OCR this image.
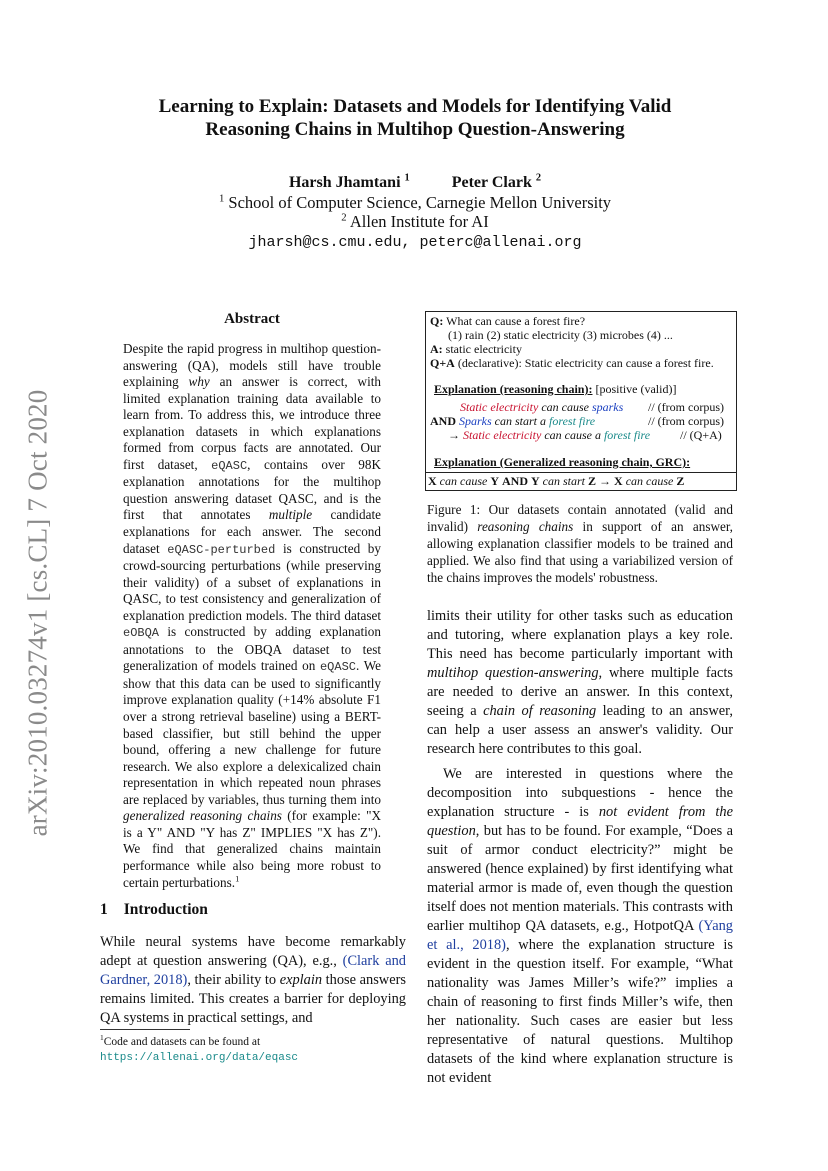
arXiv:2010.03274v1 [cs.CL] 7 Oct 2020
Learning to Explain: Datasets and Models for Identifying Valid
Reasoning Chains in Multihop Question-Answering
Harsh Jhamtani $^1$	Peter Clark $^2$
$^1$ School of Computer Science, Carnegie Mellon University
$^2$ Allen Institute for AI
jharsh@cs.cmu.edu, peterc@allenai.org
Abstract

Despite the rapid progress in multihop question-answering (QA), models still have trouble explaining why an answer is correct, with limited explanation training data available to learn from. To address this, we introduce three explanation datasets in which explanations formed from corpus facts are annotated. Our first dataset, eQASC, contains over 98K explanation annotations for the multihop question answering dataset QASC, and is the first that annotates multiple candidate explanations for each answer. The second dataset eQASC-perturbed is constructed by crowd-sourcing perturbations (while preserving their validity) of a subset of explanations in QASC, to test consistency and generalization of explanation prediction models. The third dataset eOBQA is constructed by adding explanation annotations to the OBQA dataset to test generalization of models trained on eQASC. We show that this data can be used to significantly improve explanation quality (+14% absolute F1 over a strong retrieval baseline) using a BERT-based classifier, but still behind the upper bound, offering a new challenge for future research. We also explore a delexicalized chain representation in which repeated noun phrases are replaced by variables, thus turning them into generalized reasoning chains (for example: "X is a Y" AND "Y has Z" IMPLIES "X has Z"). We find that generalized chains maintain performance while also being more robust to certain perturbations.$^1$

1 Introduction
While neural systems have become remarkably adept at question answering (QA), e.g., (Clark and Gardner, 2018), their ability to explain those answers remains limited. This creates a barrier for deploying QA systems in practical settings, and
$^1$Code and datasets can be found at https://allenai.org/data/eqasc
Q: What can cause a forest fire?
(1) rain (2) static electricity (3) microbes (4) ...
A: static electricity
Q+A (declarative): Static electricity can cause a forest fire.
Explanation (reasoning chain): [positive (valid)]
Static electricity can cause sparks // (from corpus)
AND Sparks can start a forest fire	// (from corpus)
→ Static electricity can cause a forest fire // (Q+A)
Explanation (Generalized reasoning chain, GRC):
X can cause Y AND Y can start Z → X can cause Z
Figure 1: Our datasets contain annotated (valid and invalid) reasoning chains in support of an answer, allowing explanation classifier models to be trained and applied. We also find that using a variabilized version of the chains improves the models' robustness.
limits their utility for other tasks such as education and tutoring, where explanation plays a key role. This need has become particularly important with multihop question-answering, where multiple facts are needed to derive an answer. In this context, seeing a chain of reasoning leading to an answer, can help a user assess an answer's validity. Our research here contributes to this goal.
We are interested in questions where the decomposition into subquestions - hence the explanation structure - is not evident from the question, but has to be found. For example, “Does a suit of armor conduct electricity?” might be answered (hence explained) by first identifying what material armor is made of, even though the question itself does not mention materials. This contrasts with earlier multihop QA datasets, e.g., HotpotQA (Yang et al., 2018), where the explanation structure is evident in the question itself. For example, “What nationality was James Miller’s wife?” implies a chain of reasoning to first finds Miller’s wife, then her nationality. Such cases are easier but less representative of natural questions. Multihop datasets of the kind where explanation structure is not evident
